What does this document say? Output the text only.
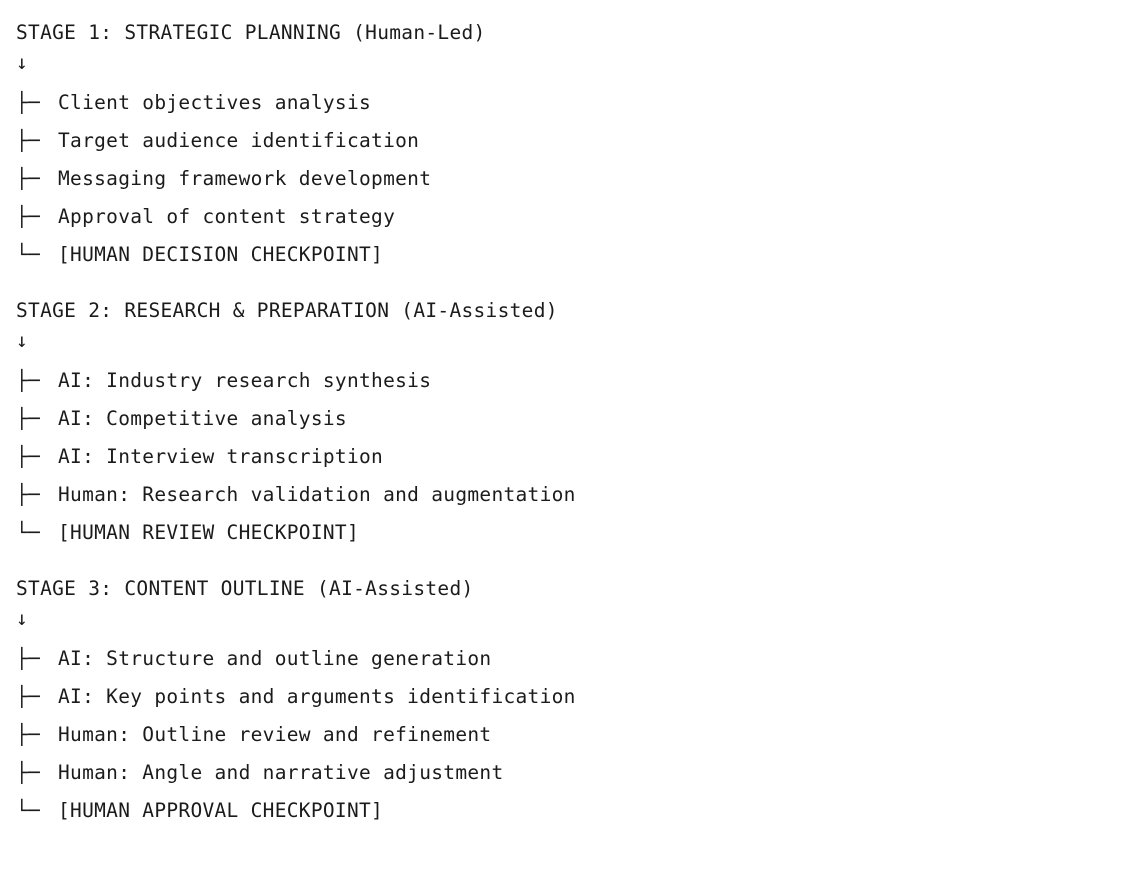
STAGE 1: STRATEGIC PLANNING (Human-Led)
↓
├─ Client objectives analysis
├─ Target audience identification
├─ Messaging framework development
├─ Approval of content strategy
└─ [HUMAN DECISION CHECKPOINT]
STAGE 2: RESEARCH & PREPARATION (AI-Assisted)
↓
├─ AI: Industry research synthesis
├─ AI: Competitive analysis
├─ AI: Interview transcription
├─ Human: Research validation and augmentation
└─ [HUMAN REVIEW CHECKPOINT]
STAGE 3: CONTENT OUTLINE (AI-Assisted)
↓
├─ AI: Structure and outline generation
├─ AI: Key points and arguments identification
├─ Human: Outline review and refinement
├─ Human: Angle and narrative adjustment
└─ [HUMAN APPROVAL CHECKPOINT]
